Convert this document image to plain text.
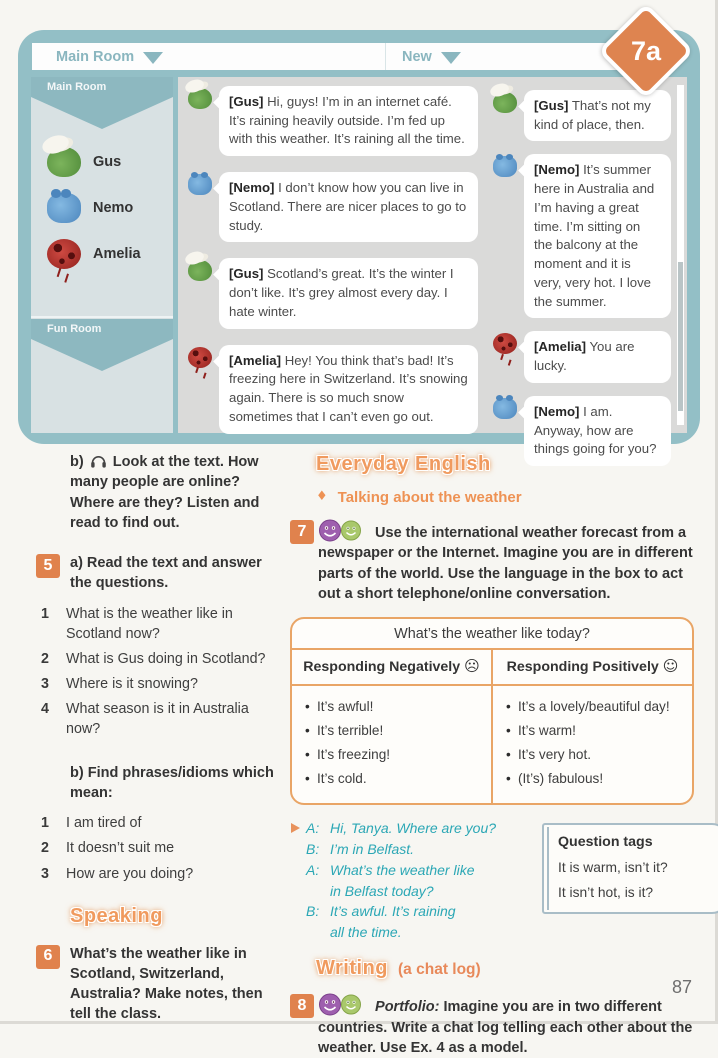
Main Room	New
Main Room
Gus
Nemo
Amelia
Fun Room
[Gus] Hi, guys! I’m in an internet café. It’s raining heavily outside. I’m fed up with this weather. It’s raining all the time.
[Nemo] I don’t know how you can live in Scotland. There are nicer places to go to study.
[Gus] Scotland’s great. It’s the winter I don’t like. It’s grey almost every day. I hate winter.
[Amelia] Hey! You think that’s bad! It’s freezing here in Switzerland. It’s snowing again. There is so much snow sometimes that I can’t even go out.
[Gus] That’s not my kind of place, then.
[Nemo] It’s summer here in Australia and I’m having a great time. I’m sitting on the balcony at the moment and it is very, very hot. I love the summer.
[Amelia] You are lucky.
[Nemo] I am. Anyway, how are things going for you?
7a
b) Look at the text. How many people are online? Where are they? Listen and read to find out.
5 a) Read the text and answer the questions.
1	What is the weather like in Scotland now?
2	What is Gus doing in Scotland?
3	Where is it snowing?
4	What season is it in Australia now?
b) Find phrases/idioms which mean:
1	I am tired of
2	It doesn’t suit me
3	How are you doing?
Speaking
6 What’s the weather like in Scotland, Switzerland, Australia? Make notes, then tell the class.
Everyday English
♦ Talking about the weather
7	Use the international weather forecast from a newspaper or the Internet. Imagine you are in different parts of the world. Use the language in the box to act out a short telephone/online conversation.
What’s the weather like today?
Responding Negatively ☹	Responding Positively ☺
• It’s awful!
• It’s terrible!
• It’s freezing!
• It’s cold.
• It’s a lovely/beautiful day!
• It’s warm!
• It’s very hot.
• (It’s) fabulous!
A: Hi, Tanya. Where are you?
B: I’m in Belfast.
A: What’s the weather like
in Belfast today?
B: It’s awful. It’s raining
all the time.
Question tags
It is warm, isn’t it?
It isn’t hot, is it?
Writing (a chat log)
8	Portfolio: Imagine you are in two different countries. Write a chat log telling each other about the weather. Use Ex. 4 as a model.
87
